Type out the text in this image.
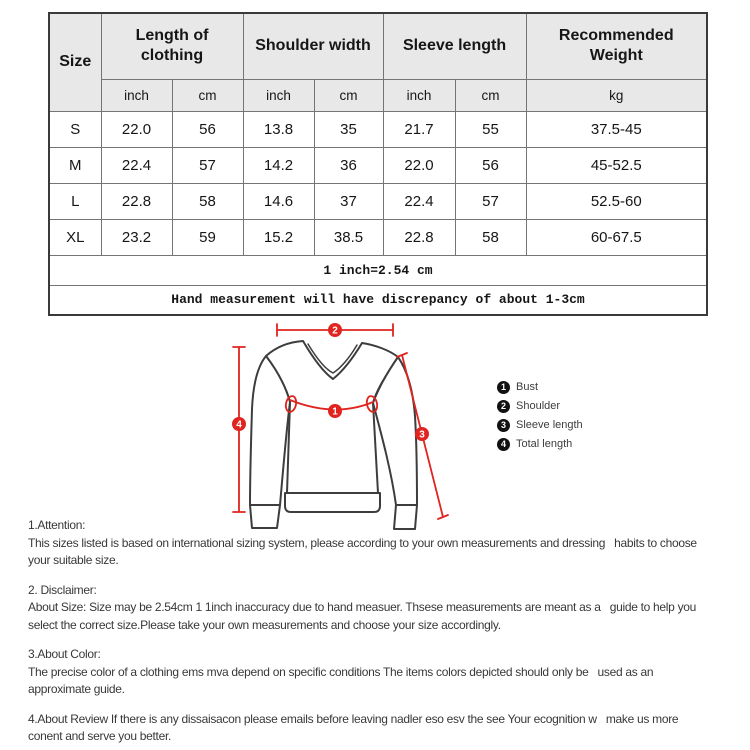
Size	Length of clothing		Shoulder width		Sleeve length		Recommended Weight
	inch	cm	inch	cm	inch	cm	kg
S	22.0	56	13.8	35	21.7	55	37.5-45
M	22.4	57	14.2	36	22.0	56	45-52.5
L	22.8	58	14.6	37	22.4	57	52.5-60
XL	23.2	59	15.2	38.5	22.8	58	60-67.5
1 inch=2.54 cm							
Hand measurement will have discrepancy of about 1-3cm							
1
2
3
4
1 Bust
2 Shoulder
3 Sleeve length
4 Total length
1.Attention:
This sizes listed is based on international sizing system, please according to your own measurements and dressing   habits to choose
your suitable size.
2. Disclaimer:
About Size: Size may be 2.54cm 1 1inch inaccuracy due to hand measuer. Thsese measurements are meant as a   guide to help you
select the correct size.Please take your own measurements and choose your size accordingly.
3.About Color:
The precise color of a clothing ems mva depend on specific conditions The items colors depicted should only be   used as an
approximate guide.
4.About Review If there is any dissaisacon please emails before leaving nadler eso esv the see Your ecognition w   make us more
conent and serve you better.
